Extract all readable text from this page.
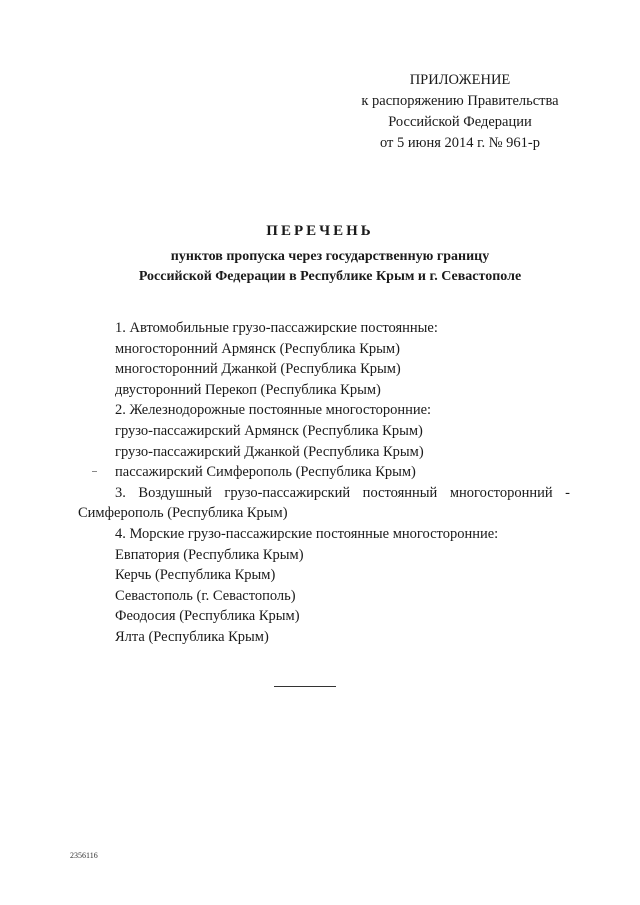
ПРИЛОЖЕНИЕ
к распоряжению Правительства
Российской Федерации
от 5 июня 2014 г. № 961-р
ПЕРЕЧЕНЬ
пунктов пропуска через государственную границу
Российской Федерации в Республике Крым и г. Севастополе
1. Автомобильные грузо-пассажирские постоянные:
многосторонний Армянск (Республика Крым)
многосторонний Джанкой (Республика Крым)
двусторонний Перекоп (Республика Крым)
2. Железнодорожные постоянные многосторонние:
грузо-пассажирский Армянск (Республика Крым)
грузо-пассажирский Джанкой (Республика Крым)
пассажирский Симферополь (Республика Крым)
3. Воздушный грузо-пассажирский постоянный многосторонний -
Симферополь (Республика Крым)
4. Морские грузо-пассажирские постоянные многосторонние:
Евпатория (Республика Крым)
Керчь (Республика Крым)
Севастополь (г. Севастополь)
Феодосия (Республика Крым)
Ялта (Республика Крым)
2356116
